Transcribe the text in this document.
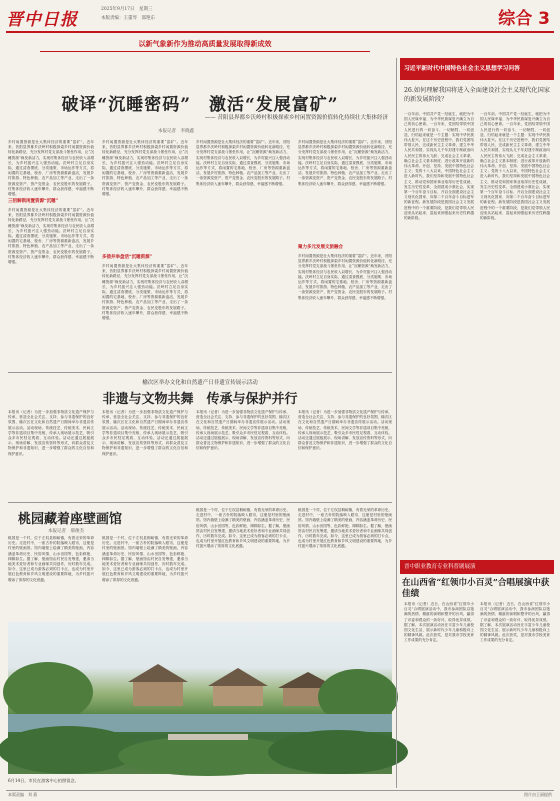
晋中日报
2025年9月17日　星期三
本版责编：王董琴　邵艳东	综合 3
以新气象新作为推动高质量发展取得新成效
破译“沉睡密码”　激活“发展富矿”
—— 昔阳县界都乡沃岭村积极探索乡村闲置资源价值转化持续壮大集体经济
本报记者　李晓鑫
乡村闲置资源是壮大集体经济的重要“富矿”。近年来，昔阳县界都乡沃岭村积极探索乡村闲置资源价值转化新路径，充分发挥村党支部战斗堡垒作用，让“沉睡资源”焕发新活力，实现村集体经济与农民收入双增长，为乡村振兴注入强劲动能。沃岭村立足自身实际，通过清查摸底、分类施策、市场运作等方式，将闲置的宅基地、校舍、厂房等资源重新盘活，发展乡村旅游、特色种植、农产品加工等产业，走出了一条资源变资产、资产变资金、农民变股东的发展路子。村集体经济收入逐年攀升，群众获得感、幸福感不断增强。
三招解锁闲置资源“沉睡”
乡村闲置资源是壮大集体经济的重要“富矿”。近年来，昔阳县界都乡沃岭村积极探索乡村闲置资源价值转化新路径，充分发挥村党支部战斗堡垒作用，让“沉睡资源”焕发新活力，实现村集体经济与农民收入双增长，为乡村振兴注入强劲动能。沃岭村立足自身实际，通过清查摸底、分类施策、市场运作等方式，将闲置的宅基地、校舍、厂房等资源重新盘活，发展乡村旅游、特色种植、农产品加工等产业，走出了一条资源变资产、资产变资金、农民变股东的发展路子。村集体经济收入逐年攀升，群众获得感、幸福感不断增强。
乡村闲置资源是壮大集体经济的重要“富矿”。近年来，昔阳县界都乡沃岭村积极探索乡村闲置资源价值转化新路径，充分发挥村党支部战斗堡垒作用，让“沉睡资源”焕发新活力，实现村集体经济与农民收入双增长，为乡村振兴注入强劲动能。沃岭村立足自身实际，通过清查摸底、分类施策、市场运作等方式，将闲置的宅基地、校舍、厂房等资源重新盘活，发展乡村旅游、特色种植、农产品加工等产业，走出了一条资源变资产、资产变资金、农民变股东的发展路子。村集体经济收入逐年攀升，群众获得感、幸福感不断增强。
多措并举盘活“沉睡资源”
乡村闲置资源是壮大集体经济的重要“富矿”。近年来，昔阳县界都乡沃岭村积极探索乡村闲置资源价值转化新路径，充分发挥村党支部战斗堡垒作用，让“沉睡资源”焕发新活力，实现村集体经济与农民收入双增长，为乡村振兴注入强劲动能。沃岭村立足自身实际，通过清查摸底、分类施策、市场运作等方式，将闲置的宅基地、校舍、厂房等资源重新盘活，发展乡村旅游、特色种植、农产品加工等产业，走出了一条资源变资产、资产变资金、农民变股东的发展路子。村集体经济收入逐年攀升，群众获得感、幸福感不断增强。
乡村闲置资源是壮大集体经济的重要“富矿”。近年来，昔阳县界都乡沃岭村积极探索乡村闲置资源价值转化新路径，充分发挥村党支部战斗堡垒作用，让“沉睡资源”焕发新活力，实现村集体经济与农民收入双增长，为乡村振兴注入强劲动能。沃岭村立足自身实际，通过清查摸底、分类施策、市场运作等方式，将闲置的宅基地、校舍、厂房等资源重新盘活，发展乡村旅游、特色种植、农产品加工等产业，走出了一条资源变资产、资产变资金、农民变股东的发展路子。村集体经济收入逐年攀升，群众获得感、幸福感不断增强。
乡村闲置资源是壮大集体经济的重要“富矿”。近年来，昔阳县界都乡沃岭村积极探索乡村闲置资源价值转化新路径，充分发挥村党支部战斗堡垒作用，让“沉睡资源”焕发新活力，实现村集体经济与农民收入双增长，为乡村振兴注入强劲动能。沃岭村立足自身实际，通过清查摸底、分类施策、市场运作等方式，将闲置的宅基地、校舍、厂房等资源重新盘活，发展乡村旅游、特色种植、农产品加工等产业，走出了一条资源变资产、资产变资金、农民变股东的发展路子。村集体经济收入逐年攀升，群众获得感、幸福感不断增强。
聚力多元发展文旅融合
乡村闲置资源是壮大集体经济的重要“富矿”。近年来，昔阳县界都乡沃岭村积极探索乡村闲置资源价值转化新路径，充分发挥村党支部战斗堡垒作用，让“沉睡资源”焕发新活力，实现村集体经济与农民收入双增长，为乡村振兴注入强劲动能。沃岭村立足自身实际，通过清查摸底、分类施策、市场运作等方式，将闲置的宅基地、校舍、厂房等资源重新盘活，发展乡村旅游、特色种植、农产品加工等产业，走出了一条资源变资产、资产变资金、农民变股东的发展路子。村集体经济收入逐年攀升，群众获得感、幸福感不断增强。
榆次区举办文化和自然遗产日非遗宣传展示活动
非遗与文物共舞　传承与保护并行
本报讯（记者）为进一步加强非物质文化遗产保护与传承，营造全社会关注、支持、参与非遗保护的良好氛围，榆次区在文化和自然遗产日期间举办非遗宣传展示活动。活动现场，传统技艺、传统美术、民间文学等非遗项目集中亮相，传承人现场展示技艺，吸引众多市民驻足观看、互动体验。活动还通过展板展示、现场讲解、发放宣传资料等形式，向群众普及文物保护和非遗知识，进一步增强了群众的文化自信和保护意识。
本报讯（记者）为进一步加强非物质文化遗产保护与传承，营造全社会关注、支持、参与非遗保护的良好氛围，榆次区在文化和自然遗产日期间举办非遗宣传展示活动。活动现场，传统技艺、传统美术、民间文学等非遗项目集中亮相，传承人现场展示技艺，吸引众多市民驻足观看、互动体验。活动还通过展板展示、现场讲解、发放宣传资料等形式，向群众普及文物保护和非遗知识，进一步增强了群众的文化自信和保护意识。
本报讯（记者）为进一步加强非物质文化遗产保护与传承，营造全社会关注、支持、参与非遗保护的良好氛围，榆次区在文化和自然遗产日期间举办非遗宣传展示活动。活动现场，传统技艺、传统美术、民间文学等非遗项目集中亮相，传承人现场展示技艺，吸引众多市民驻足观看、互动体验。活动还通过展板展示、现场讲解、发放宣传资料等形式，向群众普及文物保护和非遗知识，进一步增强了群众的文化自信和保护意识。
本报讯（记者）为进一步加强非物质文化遗产保护与传承，营造全社会关注、支持、参与非遗保护的良好氛围，榆次区在文化和自然遗产日期间举办非遗宣传展示活动。活动现场，传统技艺、传统美术、民间文学等非遗项目集中亮相，传承人现场展示技艺，吸引众多市民驻足观看、互动体验。活动还通过展板展示、现场讲解、发放宣传资料等形式，向群众普及文物保护和非遗知识，进一步增强了群众的文化自信和保护意识。
桃园藏着座壁画馆
本报记者　郝俊杰
桃园是一个村，位于左权县桐峪镇，有着光荣的革命历史。走进村中，一座古朴的院落映入眼帘，这便是村里的壁画馆。馆内墙壁上绘满了精美的壁画，内容涵盖革命历史、民俗风情、山水田园等，色彩鲜艳、栩栩如生。据了解，壁画馆由村民自发筹建，邀请当地美术爱好者和专业画师共同创作，历时数年完成。如今，这里已成为游客必到的打卡点，也成为村里开展红色教育和乡风文明建设的重要阵地，为乡村振兴增添了浓厚的文化底蕴。
桃园是一个村，位于左权县桐峪镇，有着光荣的革命历史。走进村中，一座古朴的院落映入眼帘，这便是村里的壁画馆。馆内墙壁上绘满了精美的壁画，内容涵盖革命历史、民俗风情、山水田园等，色彩鲜艳、栩栩如生。据了解，壁画馆由村民自发筹建，邀请当地美术爱好者和专业画师共同创作，历时数年完成。如今，这里已成为游客必到的打卡点，也成为村里开展红色教育和乡风文明建设的重要阵地，为乡村振兴增添了浓厚的文化底蕴。
桃园是一个村，位于左权县桐峪镇，有着光荣的革命历史。走进村中，一座古朴的院落映入眼帘，这便是村里的壁画馆。馆内墙壁上绘满了精美的壁画，内容涵盖革命历史、民俗风情、山水田园等，色彩鲜艳、栩栩如生。据了解，壁画馆由村民自发筹建，邀请当地美术爱好者和专业画师共同创作，历时数年完成。如今，这里已成为游客必到的打卡点，也成为村里开展红色教育和乡风文明建设的重要阵地，为乡村振兴增添了浓厚的文化底蕴。
桃园是一个村，位于左权县桐峪镇，有着光荣的革命历史。走进村中，一座古朴的院落映入眼帘，这便是村里的壁画馆。馆内墙壁上绘满了精美的壁画，内容涵盖革命历史、民俗风情、山水田园等，色彩鲜艳、栩栩如生。据了解，壁画馆由村民自发筹建，邀请当地美术爱好者和专业画师共同创作，历时数年完成。如今，这里已成为游客必到的打卡点，也成为村里开展红色教育和乡风文明建设的重要阵地，为乡村振兴增添了浓厚的文化底蕴。
6月14日，市民在游客中心拍照留念。
习近平新时代中国特色社会主义思想学习问答
26.如何理解我国将进入全面建设社会主义现代化国家的新发展阶段？
一百年前，中国共产党一经诞生，就把为中国人民谋幸福、为中华民族谋复兴确立为自己的初心使命。一百年来，党团结带领中国人民进行的一切奋斗、一切牺牲、一切创造，归结起来就是一个主题：实现中华民族伟大复兴。在这个历史进程中，我们党团结带领人民，完成新民主主义革命，建立中华人民共和国，实现从几千年封建专制政治向人民民主的伟大飞跃；完成社会主义革命，确立社会主义基本制度；进行改革开放新的伟大革命，开创、坚持、发展中国特色社会主义；党的十八大以来，中国特色社会主义进入新时代，我们坚持和发展中国特色社会主义，推动党和国家事业取得历史性成就、发生历史性变革，全面建成小康社会，实现第一个百年奋斗目标，开启全面建设社会主义现代化国家、向第二个百年奋斗目标进军的新征程。新发展阶段是我国社会主义发展进程中的一个重要阶段，是我们党带领人民迎来从站起来、富起来到强起来历史性跨越的新阶段。
一百年前，中国共产党一经诞生，就把为中国人民谋幸福、为中华民族谋复兴确立为自己的初心使命。一百年来，党团结带领中国人民进行的一切奋斗、一切牺牲、一切创造，归结起来就是一个主题：实现中华民族伟大复兴。在这个历史进程中，我们党团结带领人民，完成新民主主义革命，建立中华人民共和国，实现从几千年封建专制政治向人民民主的伟大飞跃；完成社会主义革命，确立社会主义基本制度；进行改革开放新的伟大革命，开创、坚持、发展中国特色社会主义；党的十八大以来，中国特色社会主义进入新时代，我们坚持和发展中国特色社会主义，推动党和国家事业取得历史性成就、发生历史性变革，全面建成小康社会，实现第一个百年奋斗目标，开启全面建设社会主义现代化国家、向第二个百年奋斗目标进军的新征程。新发展阶段是我国社会主义发展进程中的一个重要阶段，是我们党带领人民迎来从站起来、富起来到强起来历史性跨越的新阶段。
晋中职业教育专业科普剧展演
在山西省“红领巾小百灵”合唱展演中获佳绩
本报讯（记者）近日，在山西省“红领巾小百灵”合唱展演活动中，我市参演团队以饱满的热情、精湛的演唱和整齐的台风，赢得了评委和观众的一致好评，取得优异成绩。据了解，本次展演活动旨在丰富少年儿童校园文化生活，展示新时代少年儿童积极向上的精神风貌。此次获奖，是对我市学校美育工作成果的充分肯定。
本报讯（记者）近日，在山西省“红领巾小百灵”合唱展演活动中，我市参演团队以饱满的热情、精湛的演唱和整齐的台风，赢得了评委和观众的一致好评，取得优异成绩。据了解，本次展演活动旨在丰富少年儿童校园文化生活，展示新时代少年儿童积极向上的精神风貌。此次获奖，是对我市学校美育工作成果的充分肯定。
本版责编　刘 燕	图片由王丽提供
